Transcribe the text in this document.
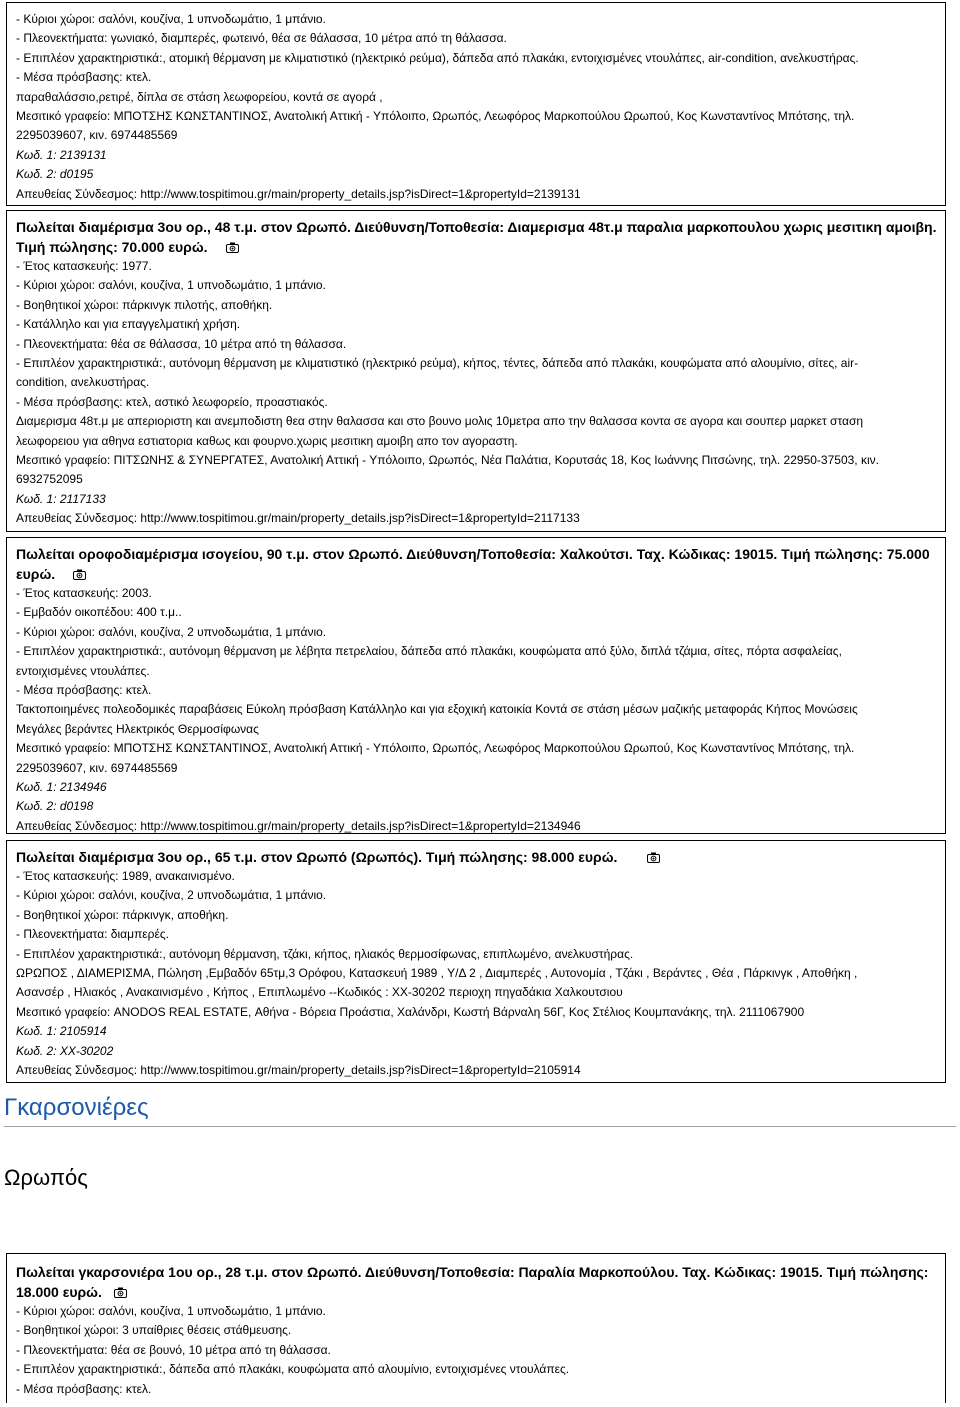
- Κύριοι χώροι: σαλόνι, κουζίνα, 1 υπνοδωμάτιο, 1 μπάνιο.
- Πλεονεκτήματα: γωνιακό, διαμπερές, φωτεινό, θέα σε θάλασσα, 10 μέτρα από τη θάλασσα.
- Επιπλέον χαρακτηριστικά:, ατομική θέρμανση με κλιματιστικό (ηλεκτρικό ρεύμα), δάπεδα από πλακάκι, εντοιχισμένες ντουλάπες, air-condition, ανελκυστήρας.
- Μέσα πρόσβασης: κτελ.
παραθαλάσσιο,ρετιρέ, δίπλα σε στάση λεωφορείου, κοντά σε αγορά ,
Μεσιτικό γραφείο: ΜΠΟΤΣΗΣ ΚΩΝΣΤΑΝΤΙΝΟΣ, Ανατολική Αττική - Υπόλοιπο, Ωρωπός, Λεωφόρος Μαρκοπούλου Ωρωπού, Κος Κωνσταντίνος Μπότσης, τηλ.
2295039607, κιν. 6974485569
Κωδ. 1: 2139131
Κωδ. 2: d0195
Απευθείας Σύνδεσμος: http://www.tospitimou.gr/main/property_details.jsp?isDirect=1&propertyId=2139131
Πωλείται διαμέρισμα 3ου ορ., 48 τ.μ. στον Ωρωπό. Διεύθυνση/Τοποθεσία: Διαμερισμα 48τ.μ παραλια μαρκοπουλου χωρις μεσιτικη αμοιβη.
Τιμή πώλησης: 70.000 ευρώ.
- Έτος κατασκευής: 1977.
- Κύριοι χώροι: σαλόνι, κουζίνα, 1 υπνοδωμάτιο, 1 μπάνιο.
- Βοηθητικοί χώροι: πάρκινγκ πιλοτής, αποθήκη.
- Κατάλληλο και για επαγγελματική χρήση.
- Πλεονεκτήματα: θέα σε θάλασσα, 10 μέτρα από τη θάλασσα.
- Επιπλέον χαρακτηριστικά:, αυτόνομη θέρμανση με κλιματιστικό (ηλεκτρικό ρεύμα), κήπος, τέντες, δάπεδα από πλακάκι, κουφώματα από αλουμίνιο, σίτες, air-
condition, ανελκυστήρας.
- Μέσα πρόσβασης: κτελ, αστικό λεωφορείο, προαστιακός.
Διαμερισμα 48τ.μ με απεριοριστη και ανεμποδιστη θεα στην θαλασσα και στο βουνο μολις 10μετρα απο την θαλασσα κοντα σε αγορα και σουπερ μαρκετ σταση
λεωφορειου για αθηνα εστιατορια καθως και φουρνο.χωρις μεσιτικη αμοιβη απο τον αγοραστη.
Μεσιτικό γραφείο: ΠΙΤΣΩΝΗΣ & ΣΥΝΕΡΓΑΤΕΣ, Ανατολική Αττική - Υπόλοιπο, Ωρωπός, Νέα Παλάτια, Κορυτσάς 18, Κος Ιωάννης Πιτσώνης, τηλ. 22950-37503, κιν.
6932752095
Κωδ. 1: 2117133
Απευθείας Σύνδεσμος: http://www.tospitimou.gr/main/property_details.jsp?isDirect=1&propertyId=2117133
Πωλείται οροφοδιαμέρισμα ισογείου, 90 τ.μ. στον Ωρωπό. Διεύθυνση/Τοποθεσία: Χαλκούτσι. Ταχ. Κώδικας: 19015. Τιμή πώλησης: 75.000
ευρώ.
- Έτος κατασκευής: 2003.
- Εμβαδόν οικοπέδου: 400 τ.μ..
- Κύριοι χώροι: σαλόνι, κουζίνα, 2 υπνοδωμάτια, 1 μπάνιο.
- Επιπλέον χαρακτηριστικά:, αυτόνομη θέρμανση με λέβητα πετρελαίου, δάπεδα από πλακάκι, κουφώματα από ξύλο, διπλά τζάμια, σίτες, πόρτα ασφαλείας,
εντοιχισμένες ντουλάπες.
- Μέσα πρόσβασης: κτελ.
Τακτοποιημένες πολεοδομικές παραβάσεις Εύκολη πρόσβαση Κατάλληλο και για εξοχική κατοικία Κοντά σε στάση μέσων μαζικής μεταφοράς Κήπος Μονώσεις
Μεγάλες βεράντες Ηλεκτρικός Θερμοσίφωνας
Μεσιτικό γραφείο: ΜΠΟΤΣΗΣ ΚΩΝΣΤΑΝΤΙΝΟΣ, Ανατολική Αττική - Υπόλοιπο, Ωρωπός, Λεωφόρος Μαρκοπούλου Ωρωπού, Κος Κωνσταντίνος Μπότσης, τηλ.
2295039607, κιν. 6974485569
Κωδ. 1: 2134946
Κωδ. 2: d0198
Απευθείας Σύνδεσμος: http://www.tospitimou.gr/main/property_details.jsp?isDirect=1&propertyId=2134946
Πωλείται διαμέρισμα 3ου ορ., 65 τ.μ. στον Ωρωπό (Ωρωπός). Τιμή πώλησης: 98.000 ευρώ.
- Έτος κατασκευής: 1989, ανακαινισμένο.
- Κύριοι χώροι: σαλόνι, κουζίνα, 2 υπνοδωμάτια, 1 μπάνιο.
- Βοηθητικοί χώροι: πάρκινγκ, αποθήκη.
- Πλεονεκτήματα: διαμπερές.
- Επιπλέον χαρακτηριστικά:, αυτόνομη θέρμανση, τζάκι, κήπος, ηλιακός θερμοσίφωνας, επιπλωμένο, ανελκυστήρας.
ΩΡΩΠΟΣ , ΔΙΑΜΕΡΙΣΜΑ, Πώληση ,Εμβαδόν 65τμ,3 Ορόφου, Κατασκευή 1989 , Υ/Δ 2 , Διαμπερές , Αυτονομία , Τζάκι , Βεράντες , Θέα , Πάρκινγκ , Αποθήκη ,
Ασανσέρ , Ηλιακός , Ανακαινισμένο , Κήπος , Επιπλωμένο --Κωδικός : XX-30202 περιοχη πηγαδάκια Χαλκουτσιου
Μεσιτικό γραφείο: ANODOS REAL ESTATE, Αθήνα - Βόρεια Προάστια, Χαλάνδρι, Κωστή Βάρναλη 56Γ, Κος Στέλιος Κουμπανάκης, τηλ. 2111067900
Κωδ. 1: 2105914
Κωδ. 2: XX-30202
Απευθείας Σύνδεσμος: http://www.tospitimou.gr/main/property_details.jsp?isDirect=1&propertyId=2105914
Γκαρσονιέρες
Ωρωπός
Πωλείται γκαρσονιέρα 1ου ορ., 28 τ.μ. στον Ωρωπό. Διεύθυνση/Τοποθεσία: Παραλία Μαρκοπούλου. Ταχ. Κώδικας: 19015. Τιμή πώλησης:
18.000 ευρώ.
- Κύριοι χώροι: σαλόνι, κουζίνα, 1 υπνοδωμάτιο, 1 μπάνιο.
- Βοηθητικοί χώροι: 3 υπαίθριες θέσεις στάθμευσης.
- Πλεονεκτήματα: θέα σε βουνό, 10 μέτρα από τη θάλασσα.
- Επιπλέον χαρακτηριστικά:, δάπεδα από πλακάκι, κουφώματα από αλουμίνιο, εντοιχισμένες ντουλάπες.
- Μέσα πρόσβασης: κτελ.
